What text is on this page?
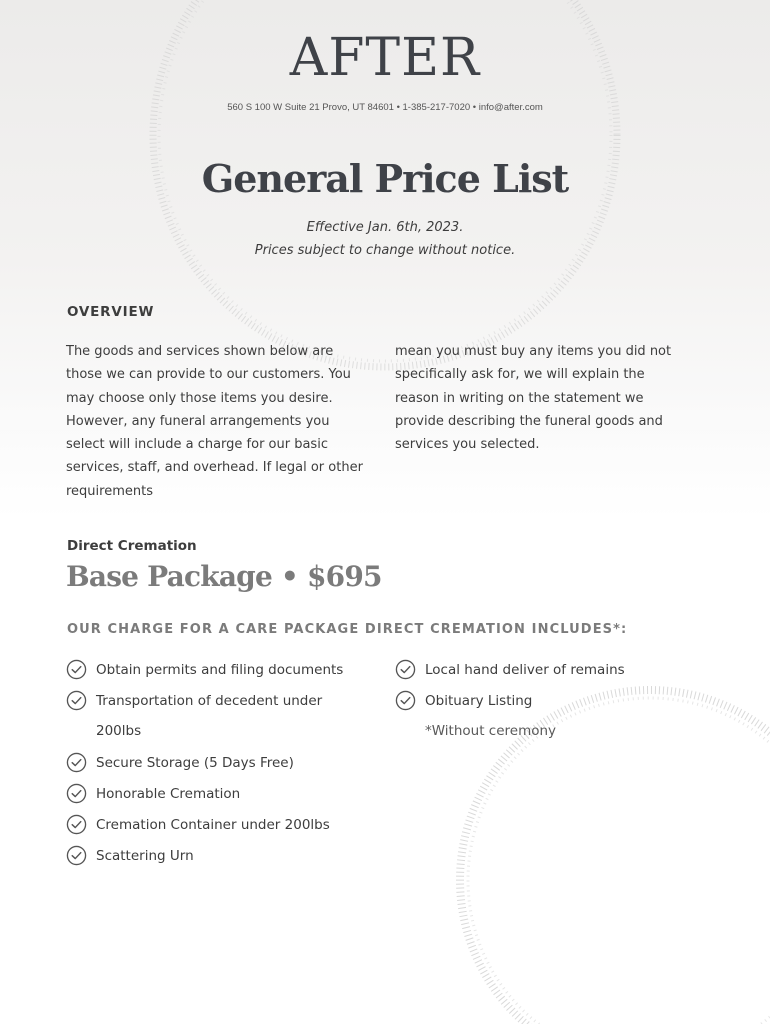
AFTER
560 S 100 W Suite 21 Provo, UT 84601 • 1-385-217-7020 • info@after.com
General Price List
Effective Jan. 6th, 2023.
Prices subject to change without notice.
OVERVIEW
The goods and services shown below are
those we can provide to our customers. You
may choose only those items you desire.
However, any funeral arrangements you
select will include a charge for our basic
services, staff, and overhead. If legal or other
requirements
mean you must buy any items you did not
specifically ask for, we will explain the
reason in writing on the statement we
provide describing the funeral goods and
services you selected.
Direct Cremation
Base Package • $695
OUR CHARGE FOR A CARE PACKAGE DIRECT CREMATION INCLUDES*:
Obtain permits and filing documents
Transportation of decedent under
200lbs
Secure Storage (5 Days Free)
Honorable Cremation
Cremation Container under 200lbs
Scattering Urn
Local hand deliver of remains
Obituary Listing
*Without ceremony
